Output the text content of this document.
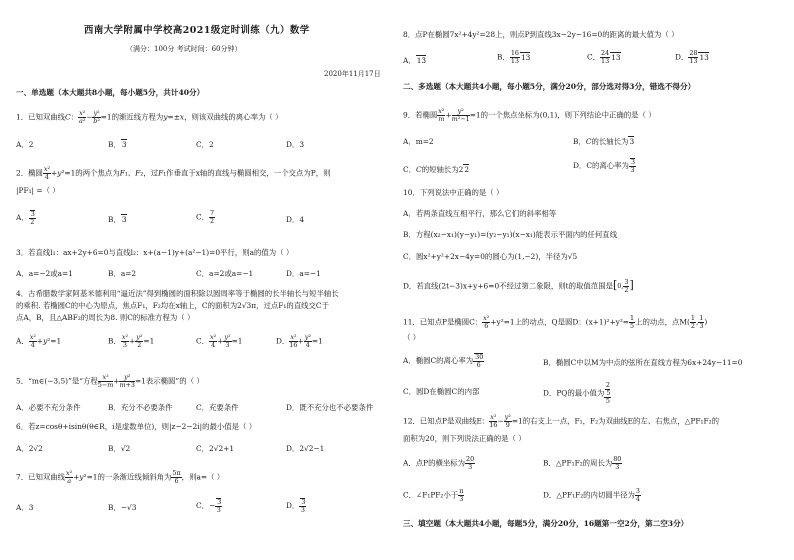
西南大学附属中学校高2021级定时训练（九）数学
（满分：100分 考试时间：60分钟）
2020年11月17日
一、单选题（本大题共8小题，每小题5分，共计40分）
1．已知双曲线C： $\frac{\text{x²}}{\text{a²}} - \frac{\text{y²}}{\text{b²}} =1$的渐近线方程为y=±x，则该双曲线的离心率为（ ）
A．2	B．3	C．2	D．3
2．椭圆 $\frac{\text{x²}}{4} +y^2=1$的两个焦点为F₁、F₂，过F₁作垂直于x轴的直线与椭圆相交，一个交点为P，则
|PF₁| =（ ）
A． $\frac{3}{2}$	B．3	C． $\frac{7}{2}$	D．4
3．若直线l₁：ax+2y+6=0与直线l₂：x+(a−1)y+(a²−1)=0平行，则a的值为（ ）
A．a=−2或a=1	B．a=2	C．a=2或a=−1	D．a=−1
4．古希腊数学家阿基米德利用“逼近法”得到椭圆的面积除以圆周率等于椭圆的长半轴长与短半轴长
的乘积. 若椭圆C的中心为原点，焦点F₁，F₂均在x轴上，C的面积为2√3π，过点F₁的直线交C于
点A，B，且△ABF₂的周长为8. 则C的标准方程为（ ）
A． $\frac{\text{x²}}{4} +y^2=1$	B． $\frac{\text{x²}}{3} + \frac{\text{y²}}{2} =1$	C． $\frac{\text{x²}}{4} + \frac{\text{y²}}{3} =1$	D． $\frac{\text{x²}}{16} + \frac{\text{y²}}{4} =1$
5．“m∈(−3,5)”是“方程 $\frac{\text{x²}}{5-m} + \frac{\text{y²}}{m+3} =1$表示椭圆”的（ ）
A．必要不充分条件	B．充分不必要条件	C．充要条件	D．既不充分也不必要条件
6．若z=cosθ+isinθ(θ∈R，i是虚数单位)，则|z−2−2i|的最小值是（ ）
A．2√2	B．√2	C．2√2+1	D．2√2−1
7．已知双曲线 $\frac{\text{x²}}{a} +y^2=1$的一条渐近线倾斜角为 $\frac{5\pi}{6}$ ，则a=（ ）
A．3	B．−√3	C．− $\frac{3}{3}$	D． $\frac{3}{3}$
8．点P在椭圆7x²+4y²=28上，则点P到直线3x−2y−16=0的距离的最大值为（ ）
A．13	B． $\frac{16}{13} 13$	C． $\frac{24}{13} 13$	D． $\frac{28}{13} 13$
二、多选题（本大题共4小题，每小题5分，满分20分，部分选对得3分，错选不得分）
9．若椭圆 $\frac{\text{x²}}{m} + \frac{\text{y²}}{\text{m²−1}} =1$的一个焦点坐标为(0,1)，则下列结论中正确的是（ ）
A．m=2	B．C的长轴长为3
C．C的短轴长为22	D．C的离心率为 $\frac{3}{3}$
10．下列说法中正确的是（ ）
A．若两条直线互相平行，那么它们的斜率相等
B．方程(x₂−x₁)(y−y₁)=(y₂−y₁)(x−x₁)能表示平面内的任何直线
C．圆x²+y²+2x−4y=0的圆心为(1,−2)，半径为√5
D．若直线(2t−3)x+y+6=0不经过第二象限，则t的取值范围是[ 0, $\frac{3}{2}$ ]
11．已知点P是椭圆C： $\frac{\text{x²}}{6} +y^2=1$上的动点，Q是圆D：$(x+1)^2+y^2= \frac{1}{5}$ 上的动点，点$M( \frac{1}{2}$ , $\frac{1}{3}$ )
（ ）
A．椭圆C的离心率为 $\frac{30}{6}$	B．椭圆C中以M为中点的弦所在直线方程为6x+24y−11=0
C．圆D在椭圆C的内部	D．PQ的最小值为 2
5
5
12．已知点P是双曲线E： $\frac{\text{x²}}{16} - \frac{\text{y²}}{9} =1$的右支上一点，F₁，F₂为双曲线E的左、右焦点，△PF₁F₂的
面积为20，则下列说法正确的是（ ）
A．点P的横坐标为 $\frac{20}{3}$	B．△PF₁F₂的周长为 $\frac{80}{3}$
C．∠F₁PF₂小于 $\frac{\pi}{3}$	D．△PF₁F₂的内切圆半径为 $\frac{3}{4}$
三、填空题（本大题共4小题，每题5分，满分20分，16题第一空2分，第二空3分）
